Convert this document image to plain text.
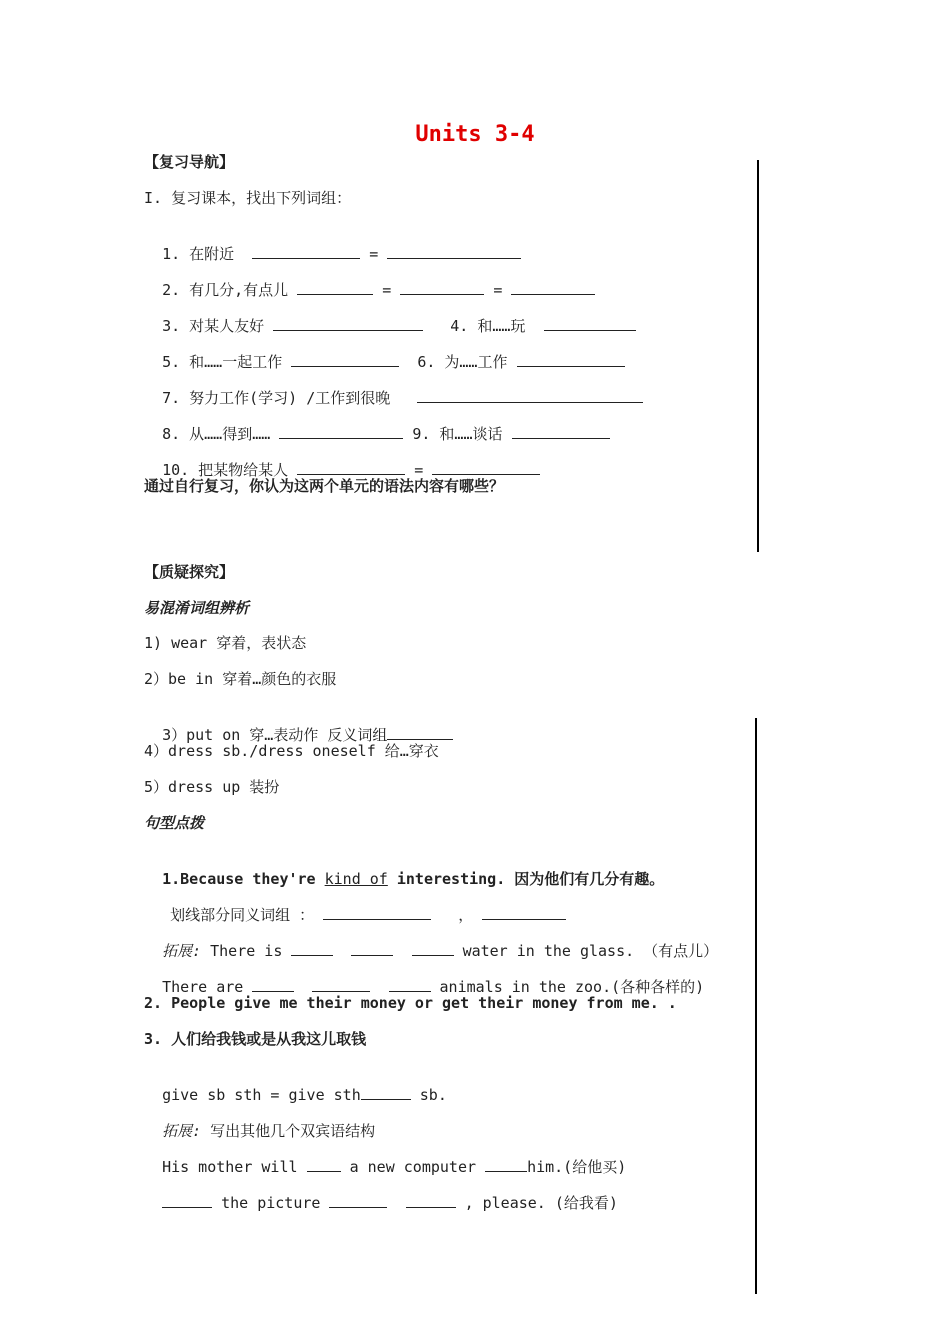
Units 3-4
【复习导航】
I. 复习课本，找出下列词组：

1. 在附近	=

2. 有几分,有点儿	=	=

3. 对某人友好	4. 和……玩

5. 和……一起工作	6. 为……工作

7. 努力工作(学习) /工作到很晚

8. 从……得到……	9. 和……谈话

10. 把某物给某人	=

通过自行复习，你认为这两个单元的语法内容有哪些？
【质疑探究】
易混淆词组辨析
1) wear 穿着，表状态
2）be in 穿着…颜色的衣服

3）put on 穿…表动作 反义词组

4）dress sb./dress oneself 给…穿衣
5）dress up 装扮
句型点拨

1.Because they're kind of interesting. 因为他们有几分有趣。

划线部分同义词组 ：	，

拓展: There is	water in the glass. （有点儿）

There are	animals in the zoo.(各种各样的)

2. People give me their money or get their money from me. .
3. 人们给我钱或是从我这儿取钱

give sb sth = give sth	sb.

拓展: 写出其他几个双宾语结构

His mother will	a new computer	him.(给他买)

the picture	, please. (给我看)
